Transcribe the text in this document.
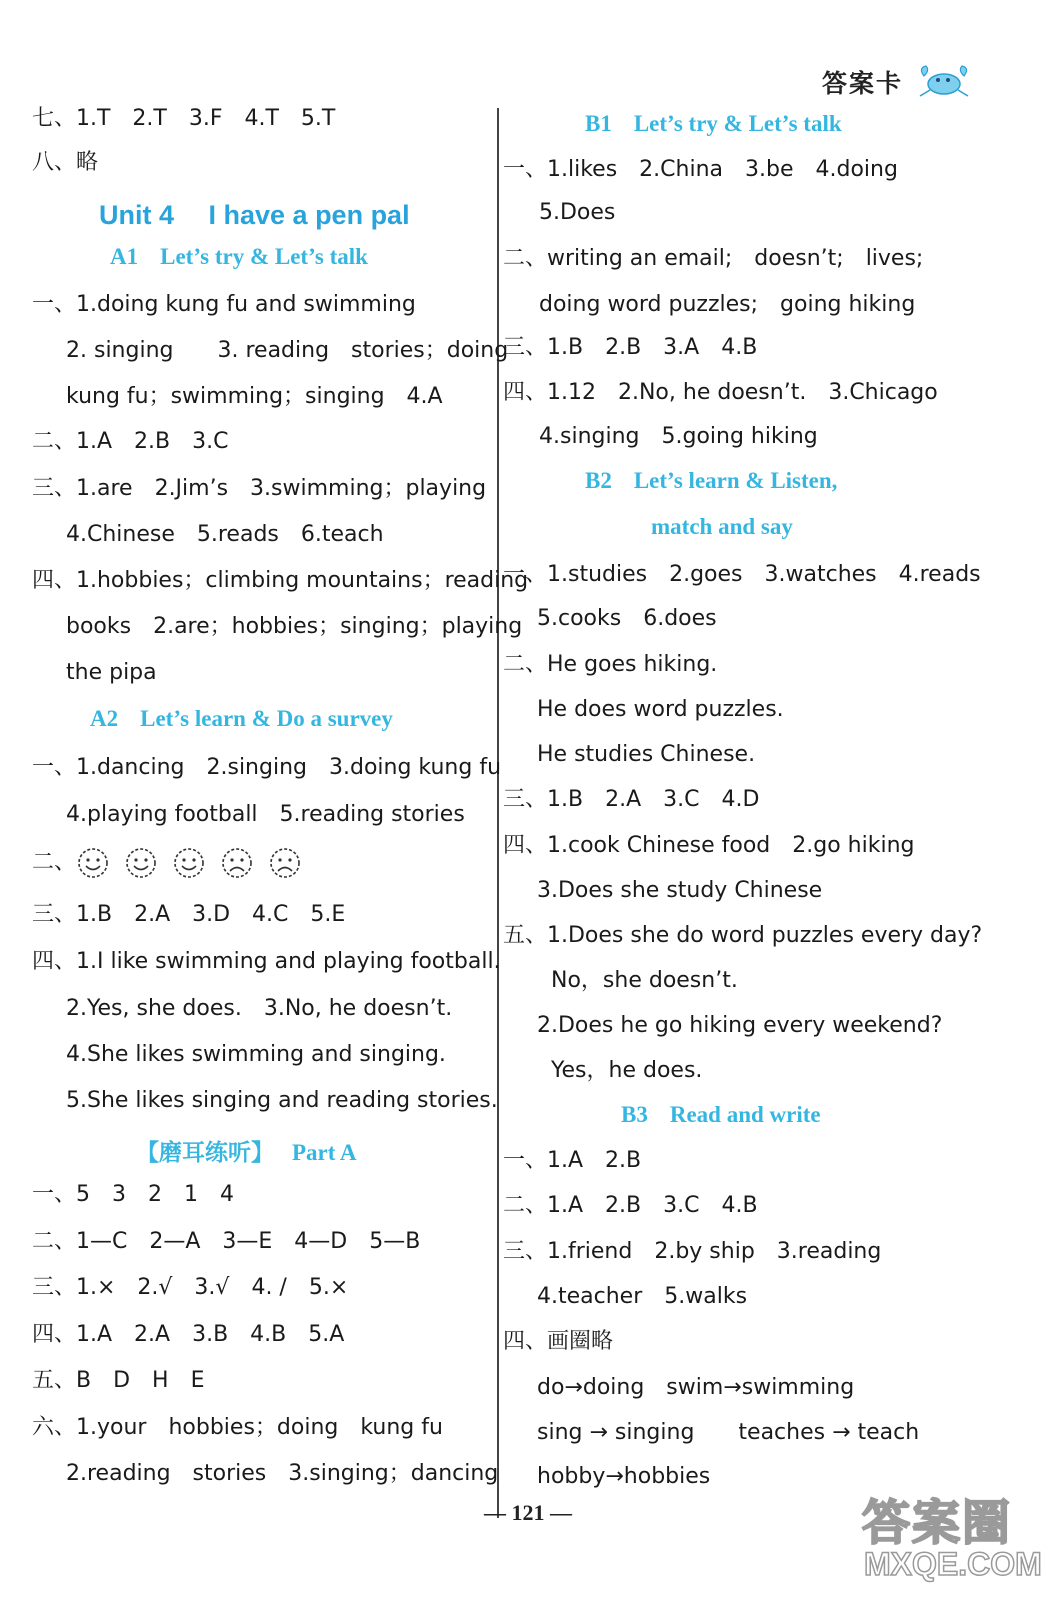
答案卡
七、1.T　2.T　3.F　4.T　5.T
八、略
Unit 4　 I have a pen pal
A1 Let’s try & Let’s talk
一、1.doing kung fu and swimming
2. singing　　3. reading　stories；doing
kung fu；swimming；singing　4.A
二、1.A　2.B　3.C
三、1.are　2.Jim’s　3.swimming；playing
4.Chinese　5.reads　6.teach
四、1.hobbies；climbing mountains；reading
books　2.are；hobbies；singing；playing
the pipa
A2 Let’s learn & Do a survey
一、1.dancing　2.singing　3.doing kung fu
4.playing football　5.reading stories
二、
三、1.B　2.A　3.D　4.C　5.E
四、1.I like swimming and playing football.
2.Yes, she does.　3.No, he doesn’t.
4.She likes swimming and singing.
5.She likes singing and reading stories.
【磨耳练听】 Part A
一、5　3　2　1　4
二、1—C　2—A　3—E　4—D　5—B
三、1.×　2.√　3.√　4. /　5.×
四、1.A　2.A　3.B　4.B　5.A
五、B　D　H　E
六、1.your　hobbies；doing　kung fu
2.reading　stories　3.singing；dancing
B1 Let’s try & Let’s talk
一、1.likes　2.China　3.be　4.doing
5.Does
二、writing an email;　doesn’t;　lives;
doing word puzzles;　going hiking
三、1.B　2.B　3.A　4.B
四、1.12　2.No, he doesn’t.　3.Chicago
4.singing　5.going hiking
B2 Let’s learn & Listen,
match and say
一、1.studies　2.goes　3.watches　4.reads
5.cooks　6.does
二、He goes hiking.
He does word puzzles.
He studies Chinese.
三、1.B　2.A　3.C　4.D
四、1.cook Chinese food　2.go hiking
3.Does she study Chinese
五、1.Does she do word puzzles every day?
No，she doesn’t.
2.Does he go hiking every weekend?
Yes，he does.
B3 Read and write
一、1.A　2.B
二、1.A　2.B　3.C　4.B
三、1.friend　2.by ship　3.reading
4.teacher　5.walks
四、画圈略
do→doing　swim→swimming
sing → singing　　teaches → teach
hobby→hobbies
— 121 —	答案圈
MXQE.COM
